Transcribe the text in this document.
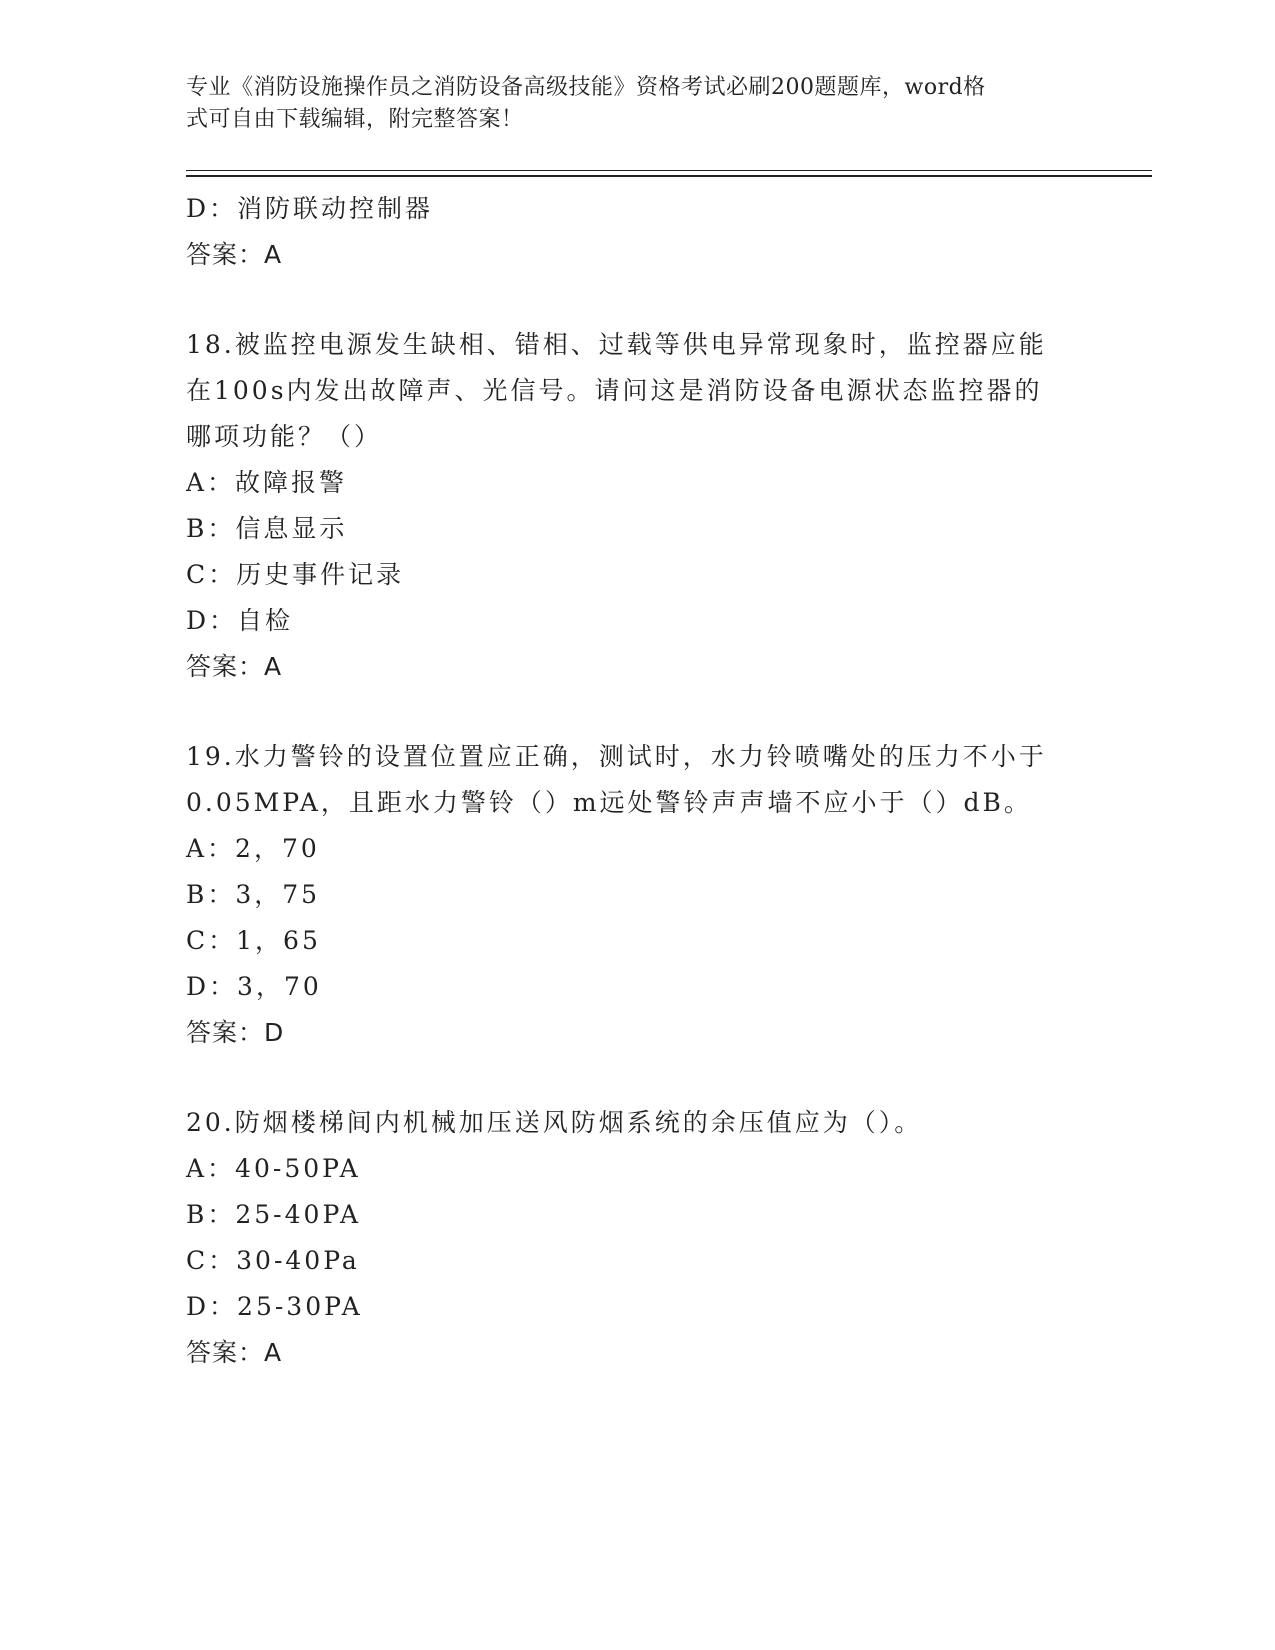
专业《消防设施操作员之消防设备高级技能》资格考试必刷200题题库，word格
式可自由下载编辑，附完整答案！
D：消防联动控制器
答案：A
18.被监控电源发生缺相、错相、过载等供电异常现象时，监控器应能
在100s内发出故障声、光信号。请问这是消防设备电源状态监控器的
哪项功能？（）
A：故障报警
B：信息显示
C：历史事件记录
D：自检
答案：A
19.水力警铃的设置位置应正确，测试时，水力铃喷嘴处的压力不小于
0.05MPA，且距水力警铃（）m远处警铃声声墙不应小于（）dB。
A：2，70
B：3，75
C：1，65
D：3，70
答案：D
20.防烟楼梯间内机械加压送风防烟系统的余压值应为（）。
A：40-50PA
B：25-40PA
C：30-40Pa
D：25-30PA
答案：A
